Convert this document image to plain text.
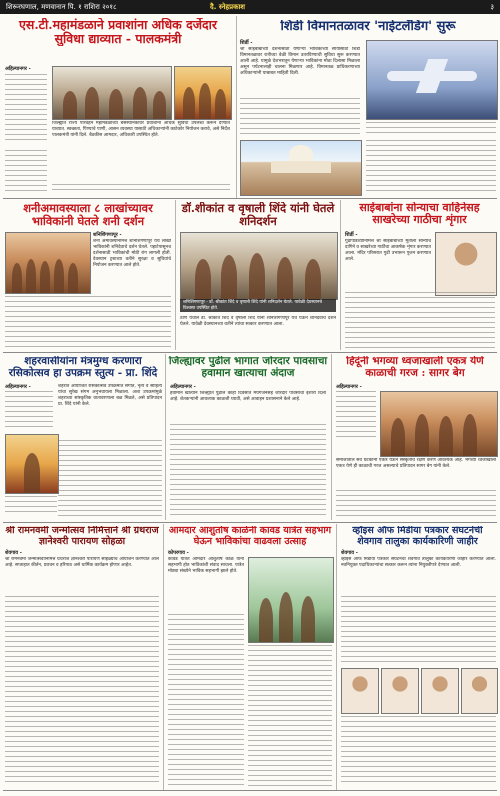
शिरूरघणाल, मणवानान पि. १ राशिरा २०१८	दै. स्नेहप्रकाश	३
एस.टी.महामंडळाने प्रवाशांना अधिक दर्जेदार सुविधा द्याव्यात - पालकमंत्री
अहिल्यानगर -
जिल्ह्यात राज्य परिवहन महामंडळाच्या बसस्थानकांवर प्रवाशांना अधिक सुविधा उपलब्ध करून देण्यात याव्यात. स्वच्छता, पिण्याचे पाणी, आसन व्यवस्था यासाठी अधिकाऱ्यांनी काटेकोर नियोजन करावे, असे निर्देश पालकमंत्री यांनी दिले. बैठकीस आमदार, अधिकारी उपस्थित होते.
शिर्डी विमानतळावर 'नाईटलँडिंग' सुरू
शिर्डी -
श्री साईबाबांच्या दर्शनासाठी येणाऱ्या भाविकांच्या सोयीसाठी शिर्डी विमानतळावर रात्रीच्या वेळी विमान उतरविण्याची सुविधा सुरू करण्यात आली आहे. यामुळे देशभरातून येणाऱ्या भाविकांना मोठा दिलासा मिळाला असून पर्यटनालाही चालना मिळणार आहे. विमानतळ प्राधिकरणाच्या अधिकाऱ्यांनी याबाबत माहिती दिली.
शनीअमावस्याला ८ लाखांच्यावर भाविकांनी घेतले शनी दर्शन
शनिशिंगणापूर -
शनी अमावस्येनिमित्त शनिशिंगणापूर येथे लाखो भाविकांनी शनिदेवाचे दर्शन घेतले. पहाटेपासूनच दर्शनासाठी भाविकांची मोठी रांग लागली होती. देवस्थान ट्रस्टच्या वतीने सुरक्षा व सुविधांचे नियोजन करण्यात आले होते.
डॉ.शीकांत व वृषाली शिंदे यांनी घेतले शनिदर्शन
शनिशिंगणापूर - डॉ. श्रीकांत शिंदे व वृषाली शिंदे यांनी शनिदर्शन घेतले. यावेळी देवस्थानचे विश्वस्त उपस्थित होते.
ठाणे येथील डॉ. श्रीकांत शिंदे व वृषाली शिंदे यांनी शनिशिंगणापूर येथे येऊन शनिदेवाचे दर्शन घेतले. यावेळी देवस्थानच्या वतीने त्यांचा सत्कार करण्यात आला.
साईबाबांना सोन्याचा वाहिनेसह साखरेच्या गाठीचा शृंगार
शिर्डी -
गुढीपाडव्यानिमित्त श्री साईबाबांच्या मूर्तीला सोन्याचे दागिने व साखरेच्या गाठींचा आकर्षक शृंगार करण्यात आला. मंदिर परिसरात गुढी उभारून पूजन करण्यात आले.
शहरवासीयांना मंत्रमुग्ध करणारा रसिकोत्सव हा उपक्रम स्तुत्य - प्रा. शिंदे
अहिल्यानगर -	शहरात आयोजित रसिकोत्सव उपक्रमात संगीत, नृत्य व साहित्य यांचा सुरेख संगम अनुभवायला मिळाला. अशा उपक्रमांमुळे शहराच्या सांस्कृतिक वातावरणाला बळ मिळते, असे प्रतिपादन प्रा. शिंदे यांनी केले.
जिल्ह्यावर पुढील भागात जोरदार पावसाचा हवामान खात्याचा अंदाज
अहिल्यानगर -
हवामान खात्याने जिल्ह्यात पुढील काही दिवसांत मेघगर्जनेसह जोरदार पावसाचा इशारा दिला आहे. शेतकऱ्यांनी आवश्यक काळजी घ्यावी, असे आवाहन प्रशासनाने केले आहे.
हिंदूंनी भगव्या ध्वजाखाली एकत्र येणे काळाची गरज : सागर बेग
अहिल्यानगर -
समाजातील सर्व घटकांनी एकत्र येऊन संस्कृतीचे रक्षण करणे आवश्यक आहे. भगव्या ध्वजाखाली एकत्र येणे ही काळाची गरज असल्याचे प्रतिपादन सागर बेग यांनी केले.
श्री रामनवमी जन्मोत्सव निमित्ताने श्री ग्रंथराज ज्ञानेश्वरी पारायण सोहळा
शेवगाव -
श्री रामनवमी जन्मोत्सवानिमित्त ग्रंथराज ज्ञानेश्वरी पारायण सोहळ्याचे आयोजन करण्यात आले आहे. सप्ताहात कीर्तन, प्रवचन व हरिपाठ असे धार्मिक कार्यक्रम होणार आहेत.
आमदार आशुतोष काळेंनी कावड यात्रेत सहभाग घेऊन भाविकांचा वाढवला उत्साह
कोपरगाव -
कावड यात्रेत आमदार आशुतोष काळे यांनी सहभागी होत भाविकांशी संवाद साधला. यात्रेत मोठ्या संख्येने भाविक सहभागी झाले होते.
व्हॉइस ऑफ मिडीया पत्रकार संघटनेची शेवगाव तालुका कार्यकारिणी जाहीर
शेवगाव -
व्हॉइस ऑफ मिडीया पत्रकार संघटनेची शेवगाव तालुका कार्यकारिणी जाहीर करण्यात आली. नवनियुक्त पदाधिकाऱ्यांचा सत्कार करून त्यांना नियुक्तीपत्रे देण्यात आली.
